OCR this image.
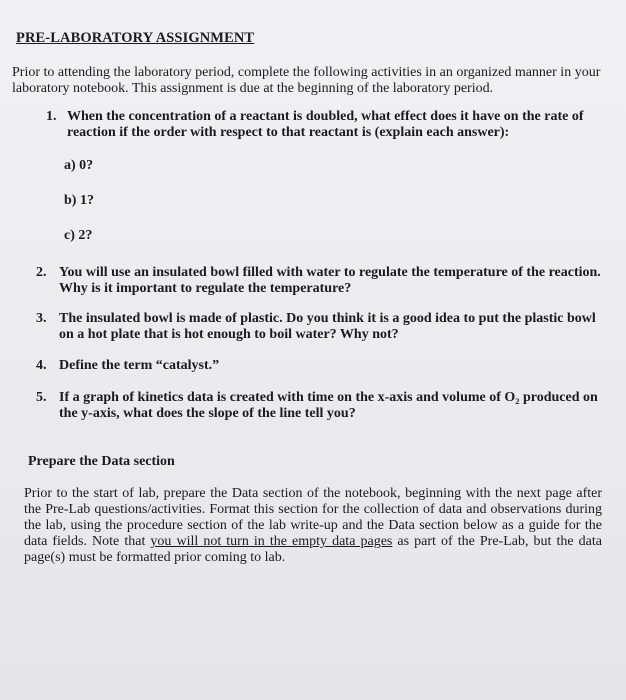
PRE-LABORATORY ASSIGNMENT
Prior to attending the laboratory period, complete the following activities in an organized manner in your laboratory notebook. This assignment is due at the beginning of the laboratory period.
1. When the concentration of a reactant is doubled, what effect does it have on the rate of reaction if the order with respect to that reactant is (explain each answer):
a) 0?
b) 1?
c) 2?
2. You will use an insulated bowl filled with water to regulate the temperature of the reaction. Why is it important to regulate the temperature?
3. The insulated bowl is made of plastic. Do you think it is a good idea to put the plastic bowl on a hot plate that is hot enough to boil water? Why not?
4. Define the term “catalyst.”
5. If a graph of kinetics data is created with time on the x-axis and volume of O₂ produced on the y-axis, what does the slope of the line tell you?
Prepare the Data section
Prior to the start of lab, prepare the Data section of the notebook, beginning with the next page after the Pre-Lab questions/activities. Format this section for the collection of data and observations during the lab, using the procedure section of the lab write-up and the Data section below as a guide for the data fields. Note that you will not turn in the empty data pages as part of the Pre-Lab, but the data page(s) must be formatted prior coming to lab.
